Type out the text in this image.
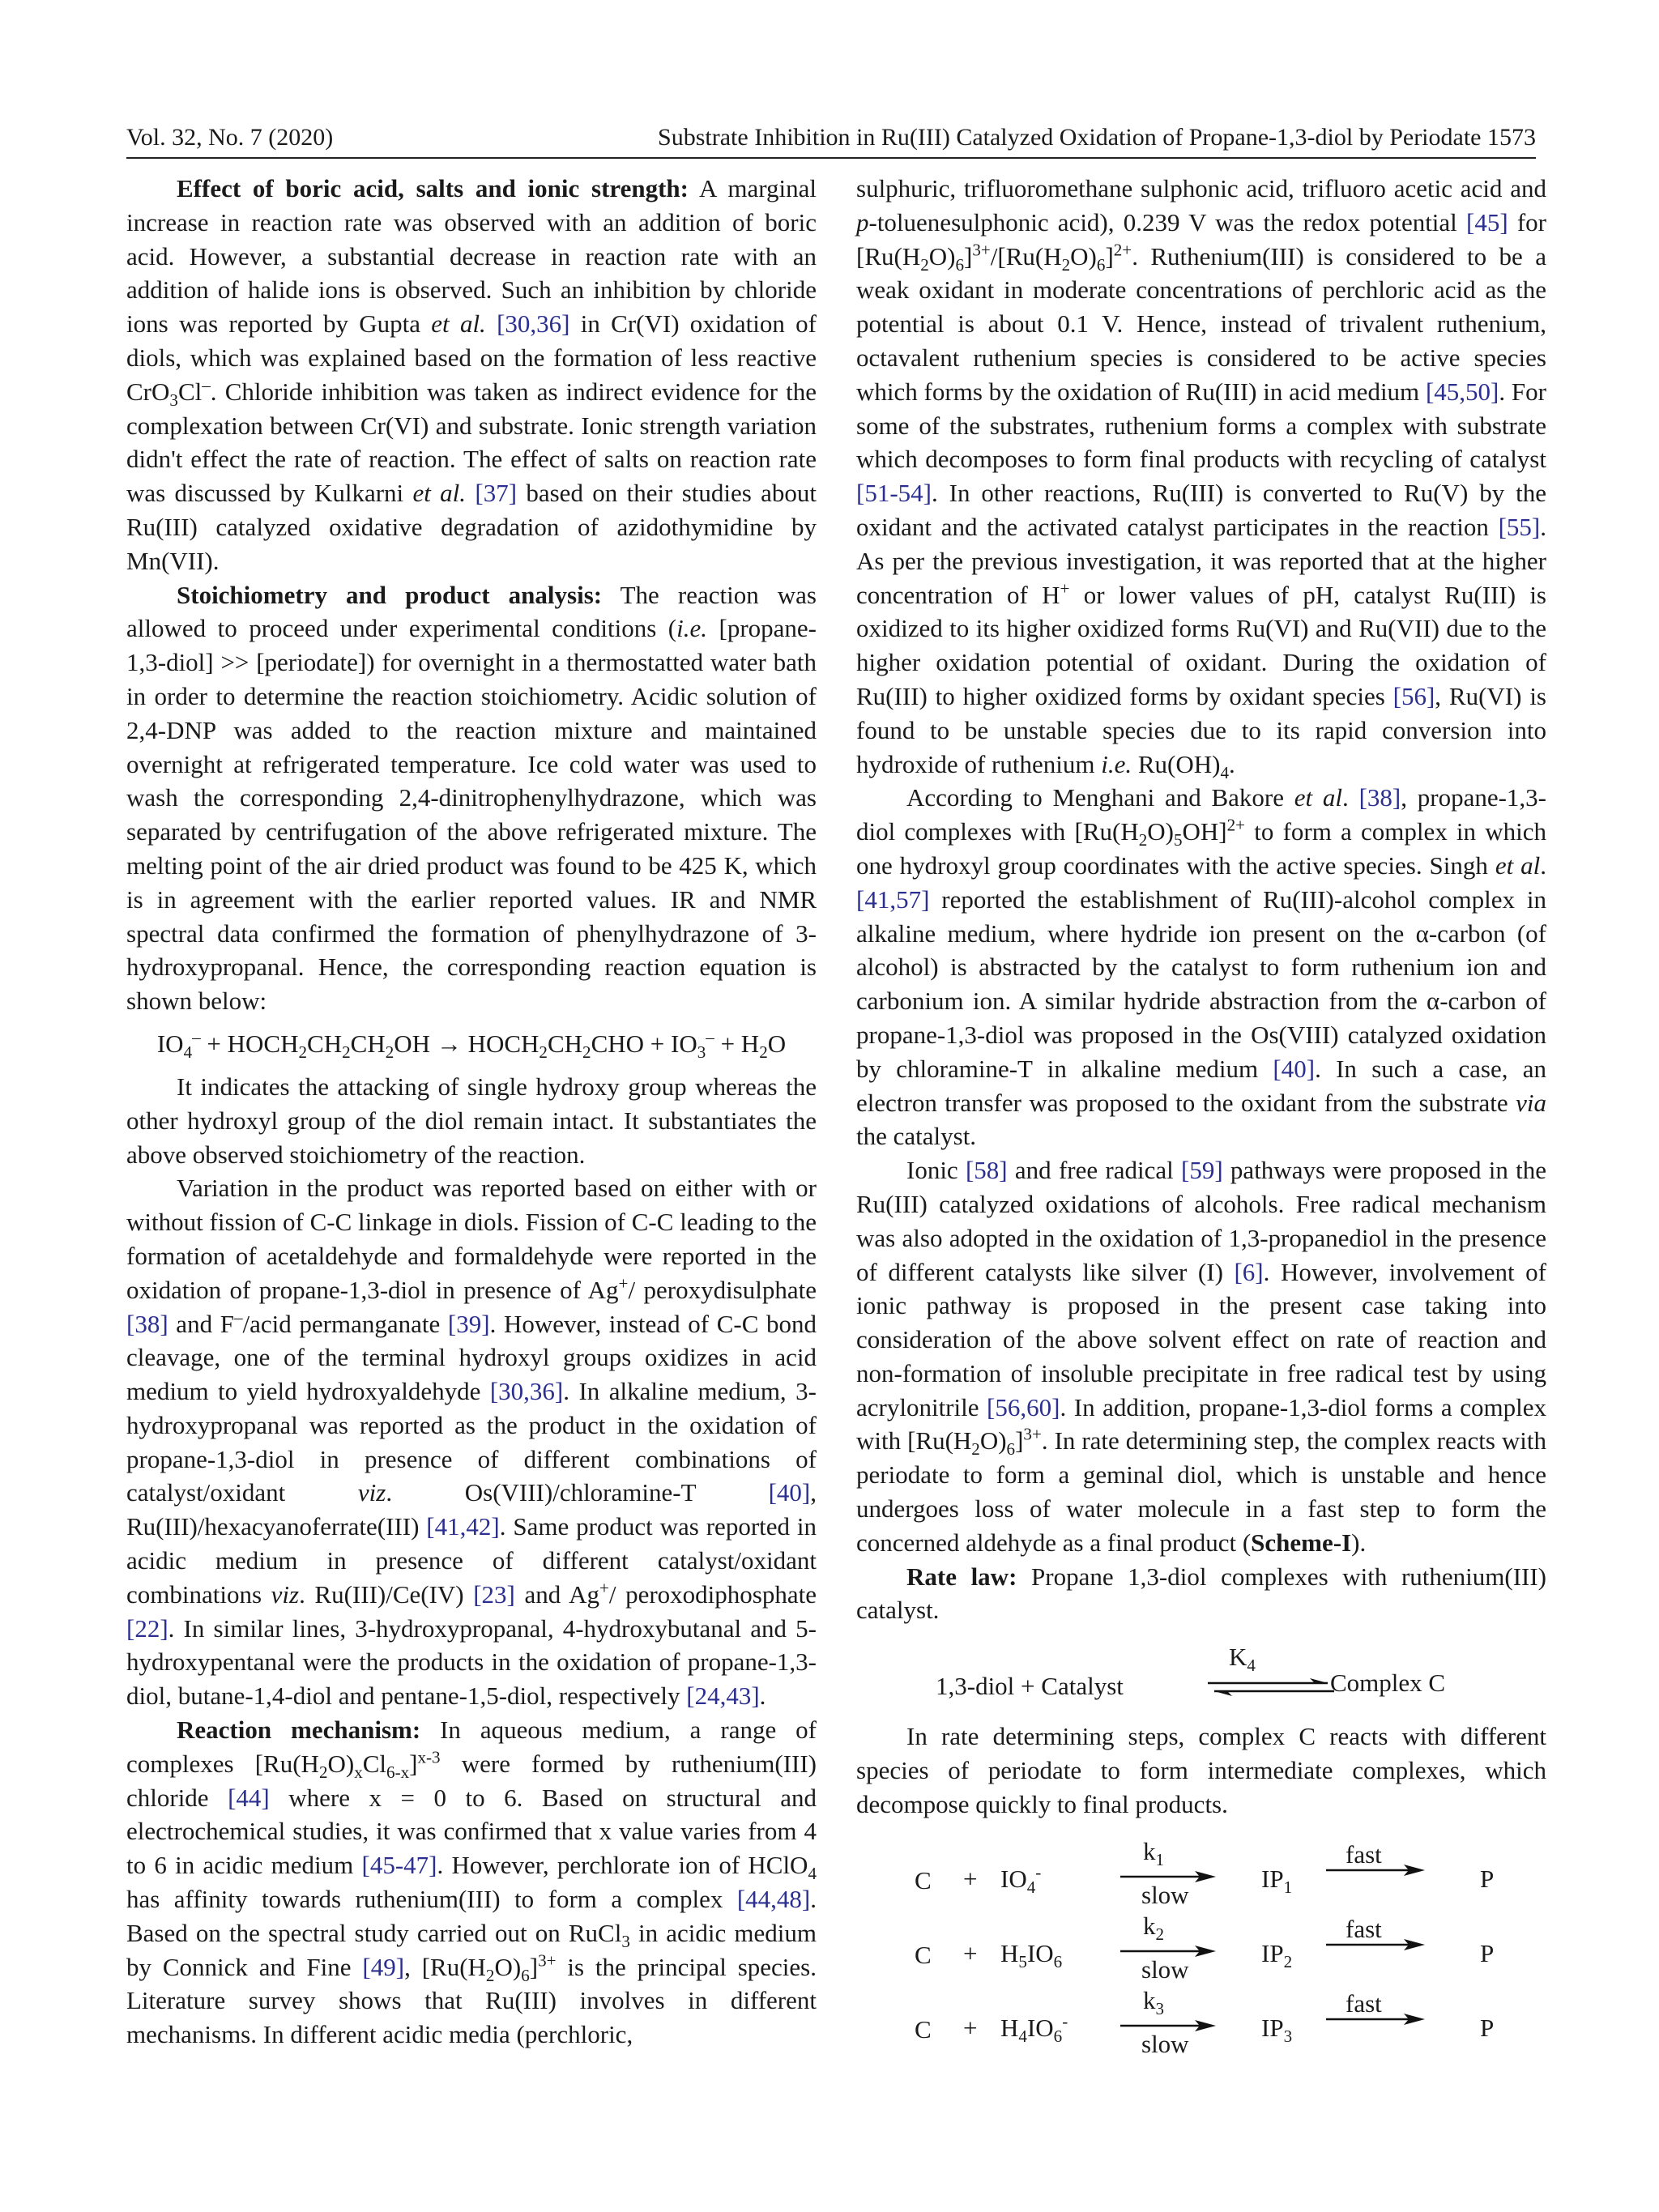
Vol. 32, No. 7 (2020)	Substrate Inhibition in Ru(III) Catalyzed Oxidation of Propane-1,3-diol by Periodate 1573

Effect of boric acid, salts and ionic strength: A marginal increase in reaction rate was observed with an addition of boric acid. However, a substantial decrease in reaction rate with an addition of halide ions is observed. Such an inhibition by chloride ions was reported by Gupta et al. [30,36] in Cr(VI) oxidation of diols, which was explained based on the formation of less reactive CrO$_3$Cl–. Chloride inhibition was taken as indirect evidence for the complexation between Cr(VI) and substrate. Ionic strength variation didn't effect the rate of reaction. The effect of salts on reaction rate was discussed by Kulkarni et al. [37] based on their studies about Ru(III) catalyzed oxidative degradation of azidothymidine by Mn(VII).

Stoichiometry and product analysis: The reaction was allowed to proceed under experimental conditions (i.e. [propane-1,3-diol] >> [periodate]) for overnight in a thermostatted water bath in order to determine the reaction stoichiometry. Acidic solution of 2,4-DNP was added to the reaction mixture and maintained overnight at refrigerated temperature. Ice cold water was used to wash the corresponding 2,4-dinitrophenylhydrazone, which was separated by centrifugation of the above refrigerated mixture. The melting point of the air dried product was found to be 425 K, which is in agreement with the earlier reported values. IR and NMR spectral data confirmed the formation of phenylhydrazone of 3-hydroxypropanal. Hence, the corresponding reaction equation is shown below:

$IO_4^-$ + $HOCH_2CH_2CH_2OH$ → $HOCH_2CH_2CHO + IO_3^- + H_2O$

It indicates the attacking of single hydroxy group whereas the other hydroxyl group of the diol remain intact. It substantiates the above observed stoichiometry of the reaction.

Variation in the product was reported based on either with or without fission of C-C linkage in diols. Fission of C-C leading to the formation of acetaldehyde and formaldehyde were reported in the oxidation of propane-1,3-diol in presence of Ag+/ peroxydisulphate [38] and F–/acid permanganate [39]. However, instead of C-C bond cleavage, one of the terminal hydroxyl groups oxidizes in acid medium to yield hydroxyaldehyde [30,36]. In alkaline medium, 3-hydroxypropanal was reported as the product in the oxidation of propane-1,3-diol in presence of different combinations of catalyst/oxidant viz. Os(VIII)/chloramine-T [40], Ru(III)/hexacyanoferrate(III) [41,42]. Same product was reported in acidic medium in presence of different catalyst/oxidant combinations viz. Ru(III)/Ce(IV) [23] and Ag+/ peroxodiphosphate [22]. In similar lines, 3-hydroxypropanal, 4-hydroxybutanal and 5-hydroxypentanal were the products in the oxidation of propane-1,3-diol, butane-1,4-diol and pentane-1,5-diol, respectively [24,43].

Reaction mechanism: In aqueous medium, a range of complexes $[Ru(H_2O)_xCl_{6-x}]^{x-3}$ were formed by ruthenium(III) chloride [44] where x = 0 to 6. Based on structural and electrochemical studies, it was confirmed that x value varies from 4 to 6 in acidic medium [45-47]. However, perchlorate ion of HClO$_4$ has affinity towards ruthenium(III) to form a complex [44,48]. Based on the spectral study carried out on RuCl$_3$ in acidic medium by Connick and Fine [49], $[Ru(H_2O)_6]^{3+}$ is the principal species. Literature survey shows that Ru(III) involves in different mechanisms. In different acidic media (perchloric,

sulphuric, trifluoromethane sulphonic acid, trifluoro acetic acid and p-toluenesulphonic acid), 0.239 V was the redox potential [45] for $[Ru(H_2O)_6]^{3+}/[Ru(H_2O)_6]^{2+}$. Ruthenium(III) is considered to be a weak oxidant in moderate concentrations of perchloric acid as the potential is about 0.1 V. Hence, instead of trivalent ruthenium, octavalent ruthenium species is considered to be active species which forms by the oxidation of Ru(III) in acid medium [45,50]. For some of the substrates, ruthenium forms a complex with substrate which decomposes to form final products with recycling of catalyst [51-54]. In other reactions, Ru(III) is converted to Ru(V) by the oxidant and the activated catalyst participates in the reaction [55]. As per the previous investigation, it was reported that at the higher concentration of H+ or lower values of pH, catalyst Ru(III) is oxidized to its higher oxidized forms Ru(VI) and Ru(VII) due to the higher oxidation potential of oxidant. During the oxidation of Ru(III) to higher oxidized forms by oxidant species [56], Ru(VI) is found to be unstable species due to its rapid conversion into hydroxide of ruthenium i.e. $Ru(OH)_4$.

According to Menghani and Bakore et al. [38], propane-1,3-diol complexes with $[Ru(H_2O)_5OH]^{2+}$ to form a complex in which one hydroxyl group coordinates with the active species. Singh et al. [41,57] reported the establishment of Ru(III)-alcohol complex in alkaline medium, where hydride ion present on the α-carbon (of alcohol) is abstracted by the catalyst to form ruthenium ion and carbonium ion. A similar hydride abstraction from the α-carbon of propane-1,3-diol was proposed in the Os(VIII) catalyzed oxidation by chloramine-T in alkaline medium [40]. In such a case, an electron transfer was proposed to the oxidant from the substrate via the catalyst.

Ionic [58] and free radical [59] pathways were proposed in the Ru(III) catalyzed oxidations of alcohols. Free radical mechanism was also adopted in the oxidation of 1,3-propanediol in the presence of different catalysts like silver (I) [6]. However, involvement of ionic pathway is proposed in the present case taking into consideration of the above solvent effect on rate of reaction and non-formation of insoluble precipitate in free radical test by using acrylonitrile [56,60]. In addition, propane-1,3-diol forms a complex with $[Ru(H_2O)_6]^{3+}$. In rate determining step, the complex reacts with periodate to form a geminal diol, which is unstable and hence undergoes loss of water molecule in a fast step to form the concerned aldehyde as a final product (Scheme-I).

Rate law: Propane 1,3-diol complexes with ruthenium(III) catalyst.

1,3-diol + Catalyst
$K_4$
Complex C

In rate determining steps, complex C reacts with different species of periodate to form intermediate complexes, which decompose quickly to final products.

$C + IO_4^-$
$k_1$
slow
$IP_1$
fast
P
$C + H_5IO_6$
$k_2$
slow
$IP_2$
fast
P
$C + H_4IO_6^-$
$k_3$
slow
$IP_3$
fast
P
